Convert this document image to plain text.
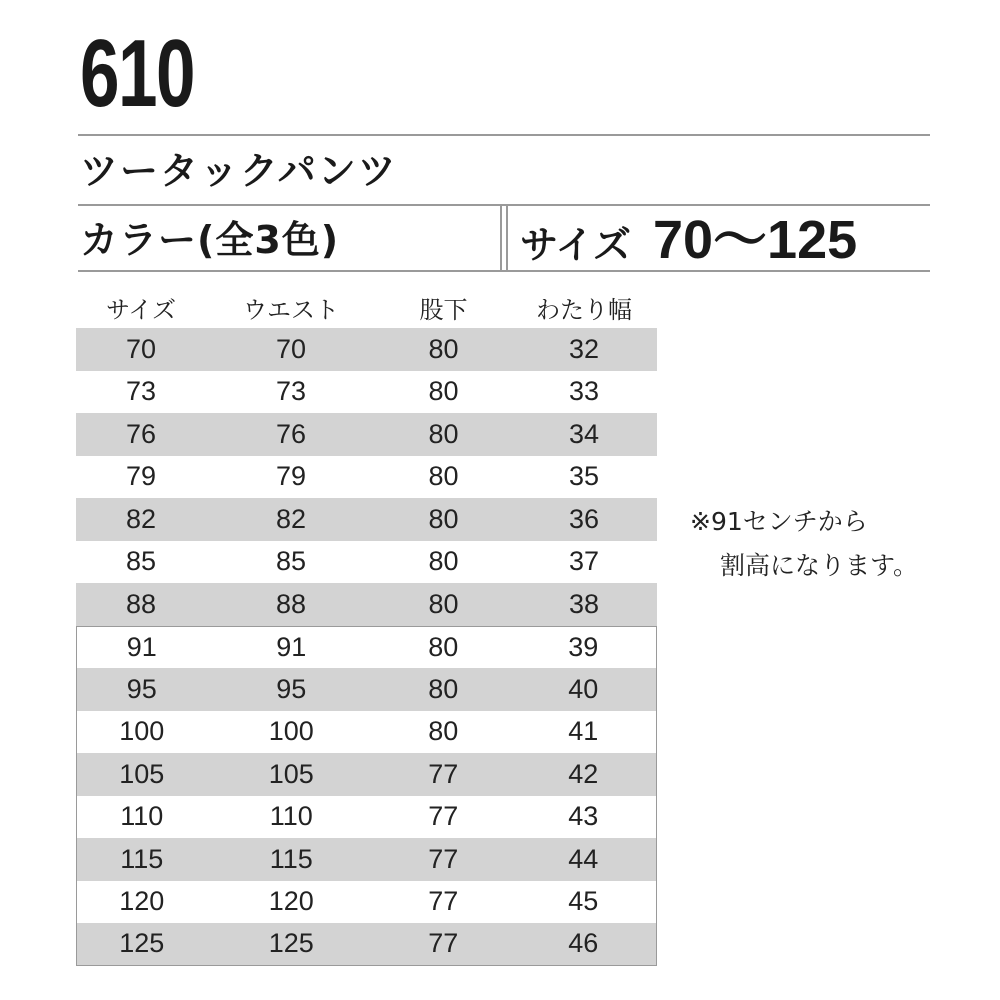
610
ツータックパンツ
カラー(全3色)	サイズ 70〜125
サイズ	ウエスト	股下	わたり幅
70	70	80	32
73	73	80	33
76	76	80	34
79	79	80	35
82	82	80	36
85	85	80	37
88	88	80	38
91	91	80	39
95	95	80	40
100	100	80	41
105	105	77	42
110	110	77	43
115	115	77	44
120	120	77	45
125	125	77	46
※91センチから
割高になります。
